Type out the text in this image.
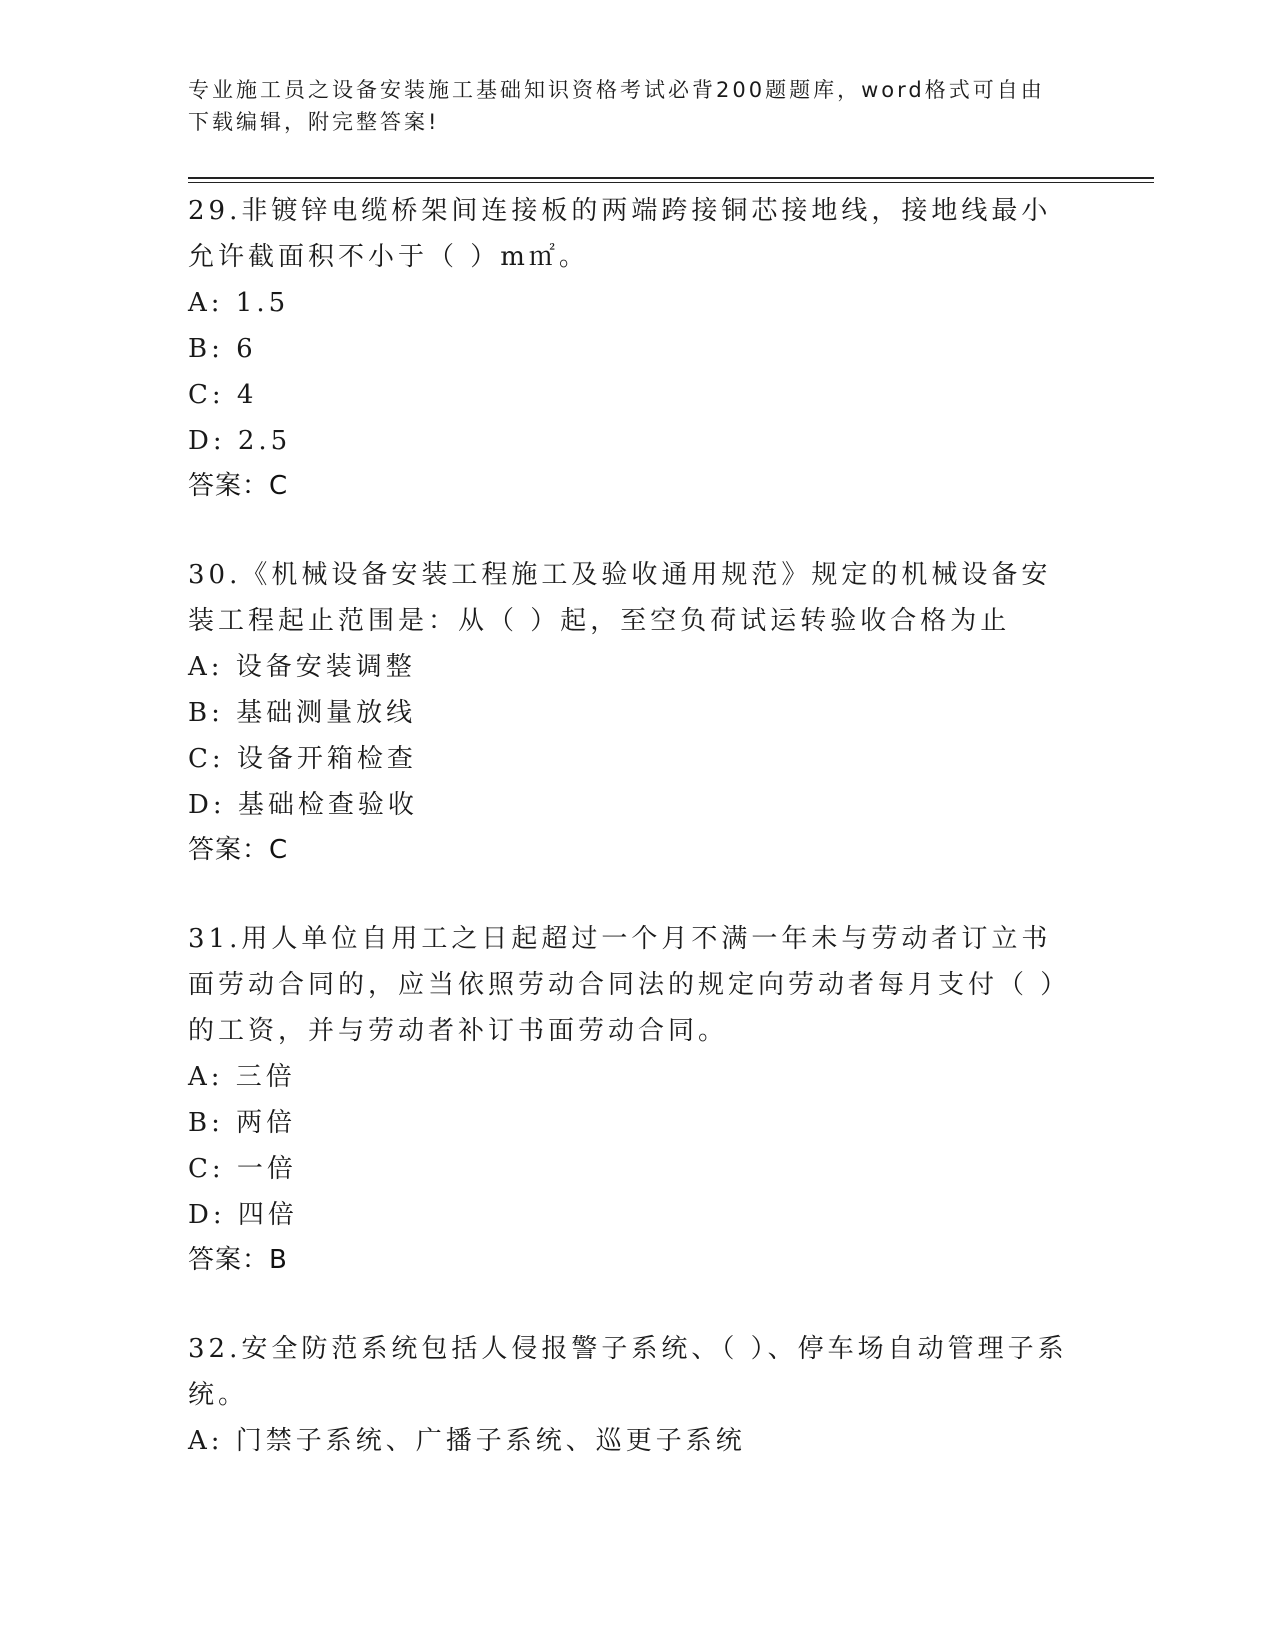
专业施工员之设备安装施工基础知识资格考试必背200题题库，word格式可自由下载编辑，附完整答案!
29.非镀锌电缆桥架间连接板的两端跨接铜芯接地线，接地线最小允许截面积不小于（ ）m㎡。
A: 1.5
B: 6
C: 4
D: 2.5
答案：C
30.《机械设备安装工程施工及验收通用规范》规定的机械设备安装工程起止范围是：从（ ）起，至空负荷试运转验收合格为止
A: 设备安装调整
B: 基础测量放线
C: 设备开箱检查
D: 基础检查验收
答案：C
31.用人单位自用工之日起超过一个月不满一年未与劳动者订立书面劳动合同的，应当依照劳动合同法的规定向劳动者每月支付（ ）的工资，并与劳动者补订书面劳动合同。
A: 三倍
B: 两倍
C: 一倍
D: 四倍
答案：B
32.安全防范系统包括人侵报警子系统、（ ）、停车场自动管理子系统。
A: 门禁子系统、广播子系统、巡更子系统
